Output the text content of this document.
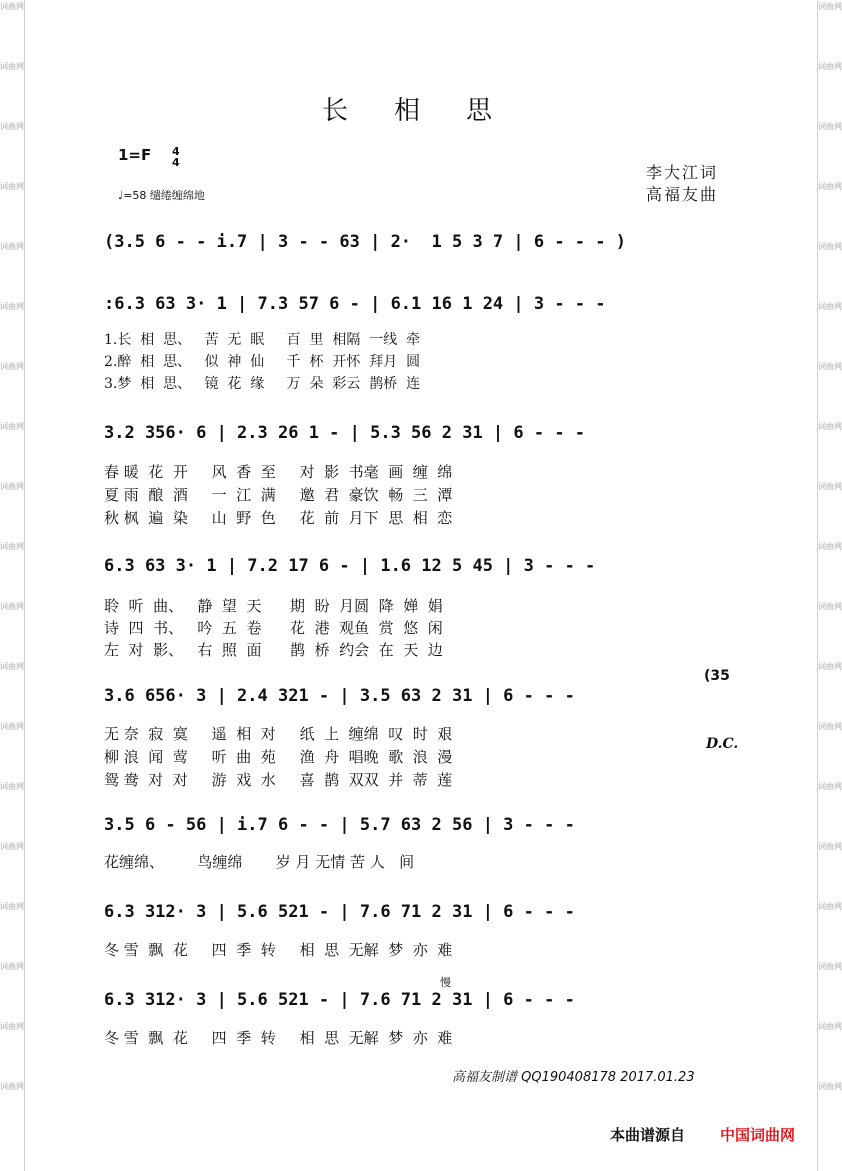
词曲网
词曲网
词曲网
词曲网
词曲网
词曲网
词曲网
词曲网
词曲网
词曲网
词曲网
词曲网
词曲网
词曲网
词曲网
词曲网
词曲网
词曲网
词曲网
词曲网
词曲网
词曲网
词曲网
词曲网
词曲网
词曲网
词曲网
词曲网
词曲网
词曲网
词曲网
词曲网
词曲网
词曲网
词曲网
词曲网
词曲网
词曲网
长相思
1=F 4
4
♩=58 缱绻缠绵地
李大江词
高福友曲
(3.5 6 - - i.7 | 3 - - 63 | 2·  1 5 3 7 | 6 - - - )
:6.3 63 3· 1 | 7.3 57 6 - | 6.1 16 1 24 | 3 - - -
1.长  相  思、   苦  无  眠     百  里  相隔  一线  牵
2.醉  相  思、   似  神  仙     千  杯  开怀  拜月  圆
3.梦  相  思、   镜  花  缘     万  朵  彩云  鹊桥  连
3.2 356· 6 | 2.3 26 1 - | 5.3 56 2 31 | 6 - - -
春 暖  花  开     风  香  至     对  影  书毫  画  缠  绵
夏 雨  酿  酒     一  江  满     邀  君  豪饮  畅  三  潭
秋 枫  遍  染     山  野  色     花  前  月下  思  相  恋
6.3 63 3· 1 | 7.2 17 6 - | 1.6 12 5 45 | 3 - - -
聆  听  曲、   静  望  天      期  盼  月圆  降  婵  娟
诗  四  书、   吟  五  卷      花  港  观鱼  赏  悠  闲
左  对  影、   右  照  面      鹊  桥  约会  在  天  边
3.6 656· 3 | 2.4 321 - | 3.5 63 2 31 | 6 - - -
(35
D.C.
无 奈  寂  寞     遥  相  对     纸  上  缠绵  叹  时  艰
柳 浪  闻  莺     听  曲  苑     渔  舟  唱晚  歌  浪  漫
鸳 鸯  对  对     游  戏  水     喜  鹊  双双  并  蒂  莲
3.5 6 - 56 | i.7 6 - - | 5.7 63 2 56 | 3 - - -
花缠绵、       鸟缠绵       岁 月 无情 苦 人   间
6.3 312· 3 | 5.6 521 - | 7.6 71 2 31 | 6 - - -
冬 雪  飘  花     四  季  转     相  思  无解  梦  亦  难
慢
6.3 312· 3 | 5.6 521 - | 7.6 71 2 31 | 6 - - -
冬 雪  飘  花     四  季  转     相  思  无解  梦  亦  难
高福友制谱 QQ190408178 2017.01.23
本曲谱源自 中国词曲网
